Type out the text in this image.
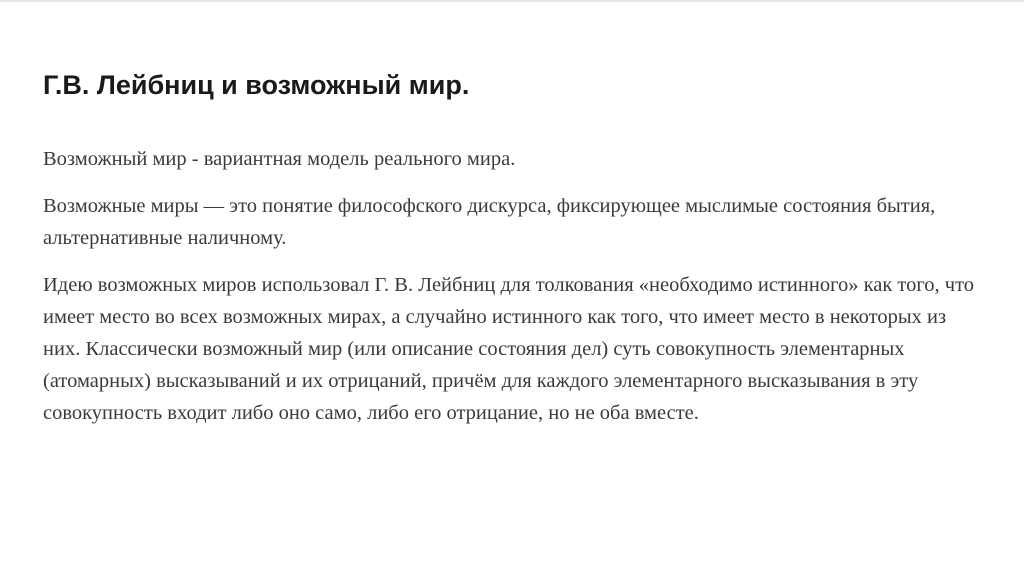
Г.В. Лейбниц и возможный мир.

Возможный мир - вариантная модель реального мира.

Возможные миры — это понятие философского дискурса, фиксирующее мыслимые состояния бытия, альтернативные наличному.

Идею возможных миров использовал Г. В. Лейбниц для толкования «необходимо истинного» как того, что имеет место во всех возможных мирах, а случайно истинного как того, что имеет место в некоторых из них. Классически возможный мир (или описание состояния дел) суть совокупность элементарных (атомарных) высказываний и их отрицаний, причём для каждого элементарного высказывания в эту совокупность входит либо оно само, либо его отрицание, но не оба вместе.
